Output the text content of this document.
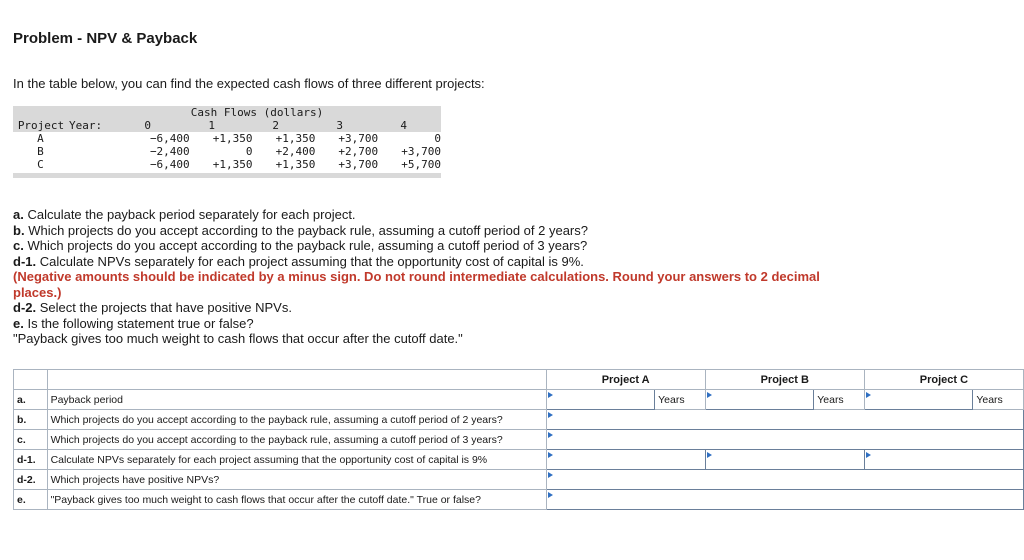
Problem - NPV & Payback
In the table below, you can find the expected cash flows of three different projects:
Cash Flows (dollars)
Project Year:	0	1	2	3	4
A	−6,400	+1,350	+1,350	+3,700	0
B	−2,400	0	+2,400	+2,700	+3,700
C	−6,400	+1,350	+1,350	+3,700	+5,700
a. Calculate the payback period separately for each project.
b. Which projects do you accept according to the payback rule, assuming a cutoff period of 2 years?
c. Which projects do you accept according to the payback rule, assuming a cutoff period of 3 years?
d-1. Calculate NPVs separately for each project assuming that the opportunity cost of capital is 9%.
(Negative amounts should be indicated by a minus sign. Do not round intermediate calculations. Round your answers to 2 decimal places.)
d-2. Select the projects that have positive NPVs.
e. Is the following statement true or false?
"Payback gives too much weight to cash flows that occur after the cutoff date."
		Project A		Project B		Project C	
a.	Payback period		Years		Years		Years
b.	Which projects do you accept according to the payback rule, assuming a cutoff period of 2 years?						
c.	Which projects do you accept according to the payback rule, assuming a cutoff period of 3 years?						
d-1.	Calculate NPVs separately for each project assuming that the opportunity cost of capital is 9%						
d-2.	Which projects have positive NPVs?						
e.	"Payback gives too much weight to cash flows that occur after the cutoff date." True or false?						
